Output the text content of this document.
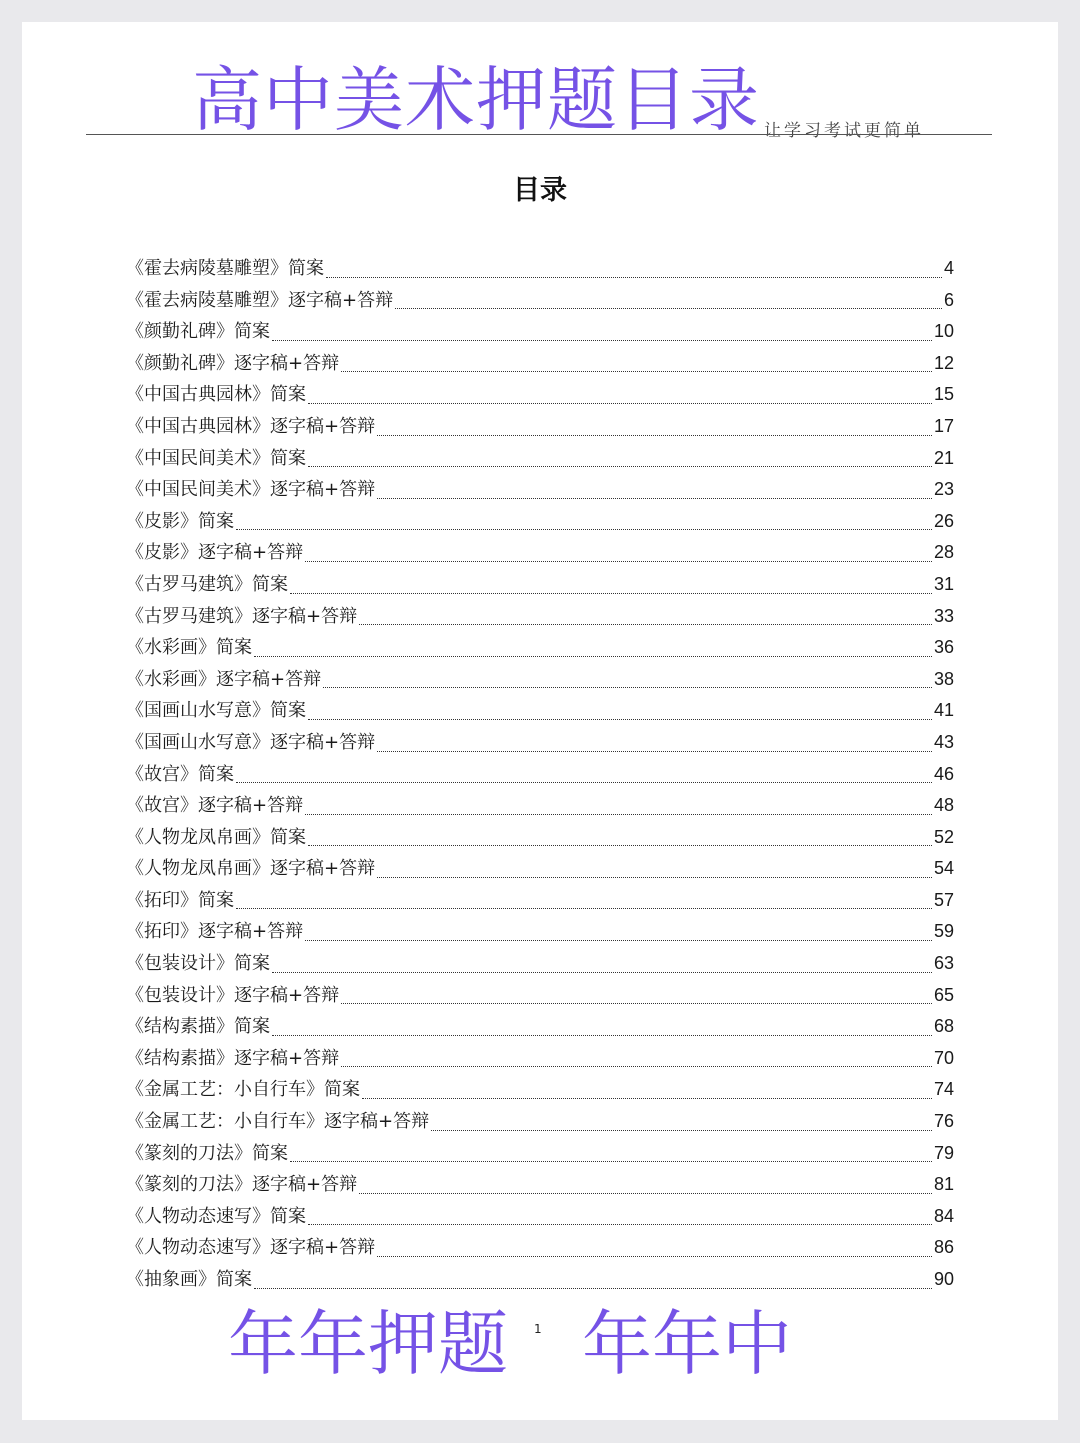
高中美术押题目录 让学习考试更简单
目录
《霍去病陵墓雕塑》简案	4
《霍去病陵墓雕塑》逐字稿+答辩	6
《颜勤礼碑》简案	10
《颜勤礼碑》逐字稿+答辩	12
《中国古典园林》简案	15
《中国古典园林》逐字稿+答辩	17
《中国民间美术》简案	21
《中国民间美术》逐字稿+答辩	23
《皮影》简案	26
《皮影》逐字稿+答辩	28
《古罗马建筑》简案	31
《古罗马建筑》逐字稿+答辩	33
《水彩画》简案	36
《水彩画》逐字稿+答辩	38
《国画山水写意》简案	41
《国画山水写意》逐字稿+答辩	43
《故宫》简案	46
《故宫》逐字稿+答辩	48
《人物龙凤帛画》简案	52
《人物龙凤帛画》逐字稿+答辩	54
《拓印》简案	57
《拓印》逐字稿+答辩	59
《包装设计》简案	63
《包装设计》逐字稿+答辩	65
《结构素描》简案	68
《结构素描》逐字稿+答辩	70
《金属工艺：小自行车》简案	74
《金属工艺：小自行车》逐字稿+答辩	76
《篆刻的刀法》简案	79
《篆刻的刀法》逐字稿+答辩	81
《人物动态速写》简案	84
《人物动态速写》逐字稿+答辩	86
《抽象画》简案	90
年年押题 1 年年中
